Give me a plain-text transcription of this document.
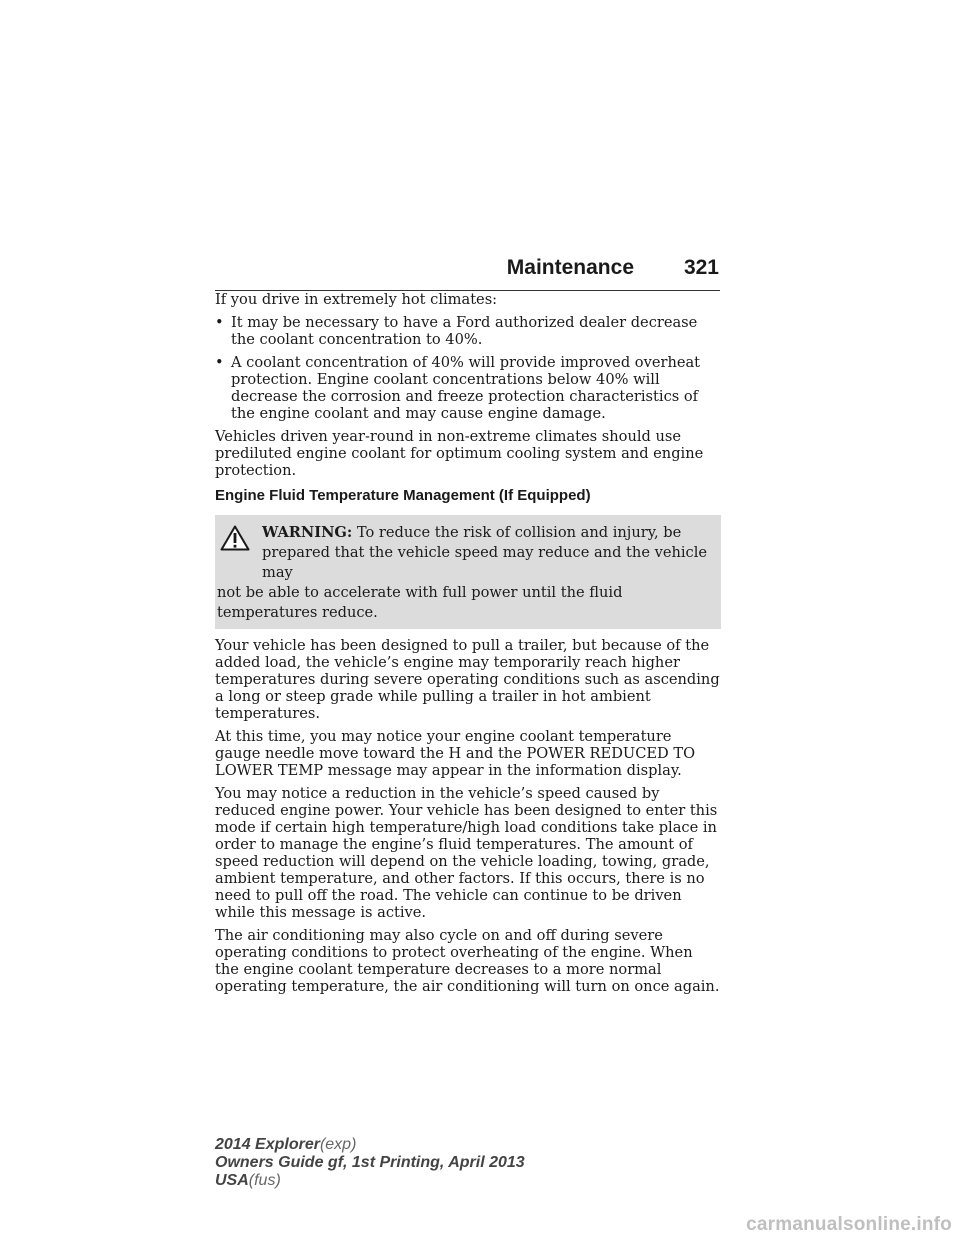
Maintenance 321

If you drive in extremely hot climates:

• It may be necessary to have a Ford authorized dealer decrease the coolant concentration to 40%.
• A coolant concentration of 40% will provide improved overheat protection. Engine coolant concentrations below 40% will decrease the corrosion and freeze protection characteristics of the engine coolant and may cause engine damage.

Vehicles driven year-round in non-extreme climates should use prediluted engine coolant for optimum cooling system and engine protection.

Engine Fluid Temperature Management (If Equipped)
WARNING: To reduce the risk of collision and injury, be
prepared that the vehicle speed may reduce and the vehicle may
not be able to accelerate with full power until the fluid temperatures reduce.

Your vehicle has been designed to pull a trailer, but because of the added load, the vehicle’s engine may temporarily reach higher temperatures during severe operating conditions such as ascending a long or steep grade while pulling a trailer in hot ambient temperatures.

At this time, you may notice your engine coolant temperature gauge needle move toward the H and the POWER REDUCED TO LOWER TEMP message may appear in the information display.

You may notice a reduction in the vehicle’s speed caused by reduced engine power. Your vehicle has been designed to enter this mode if certain high temperature/high load conditions take place in order to manage the engine’s fluid temperatures. The amount of speed reduction will depend on the vehicle loading, towing, grade, ambient temperature, and other factors. If this occurs, there is no need to pull off the road. The vehicle can continue to be driven while this message is active.

The air conditioning may also cycle on and off during severe operating conditions to protect overheating of the engine. When the engine coolant temperature decreases to a more normal operating temperature, the air conditioning will turn on once again.

2014 Explorer(exp)
Owners Guide gf, 1st Printing, April 2013
USA(fus)
carmanualsonline.info
